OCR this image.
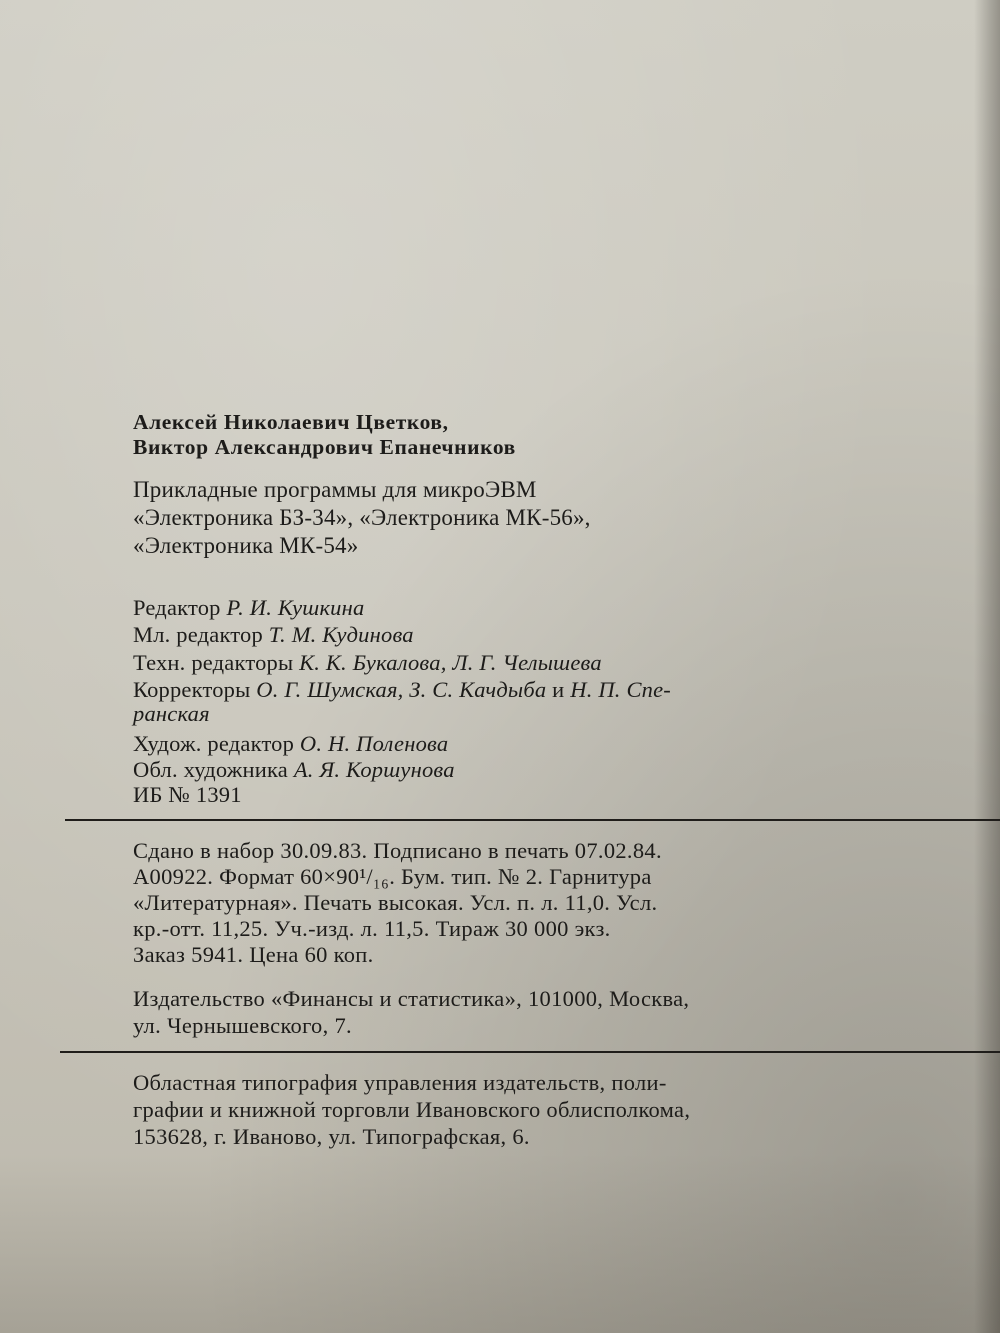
Алексей Николаевич Цветков,
Виктор Александрович Епанечников
Прикладные программы для микроЭВМ
«Электроника БЗ-34», «Электроника МК-56»,
«Электроника МК-54»
Редактор Р. И. Кушкина
Мл. редактор Т. М. Кудинова
Техн. редакторы К. К. Букалова, Л. Г. Челышева
Корректоры О. Г. Шумская, З. С. Качдыба и Н. П. Спе-
ранская
Худож. редактор О. Н. Поленова
Обл. художника А. Я. Коршунова
ИБ № 1391
Сдано в набор 30.09.83. Подписано в печать 07.02.84.
А00922. Формат 60×90¹/₁₆. Бум. тип. № 2. Гарнитура
«Литературная». Печать высокая. Усл. п. л. 11,0. Усл.
кр.-отт. 11,25. Уч.-изд. л. 11,5. Тираж 30 000 экз.
Заказ 5941. Цена 60 коп.
Издательство «Финансы и статистика», 101000, Москва,
ул. Чернышевского, 7.
Областная типография управления издательств, поли-
графии и книжной торговли Ивановского облисполкома,
153628, г. Иваново, ул. Типографская, 6.
